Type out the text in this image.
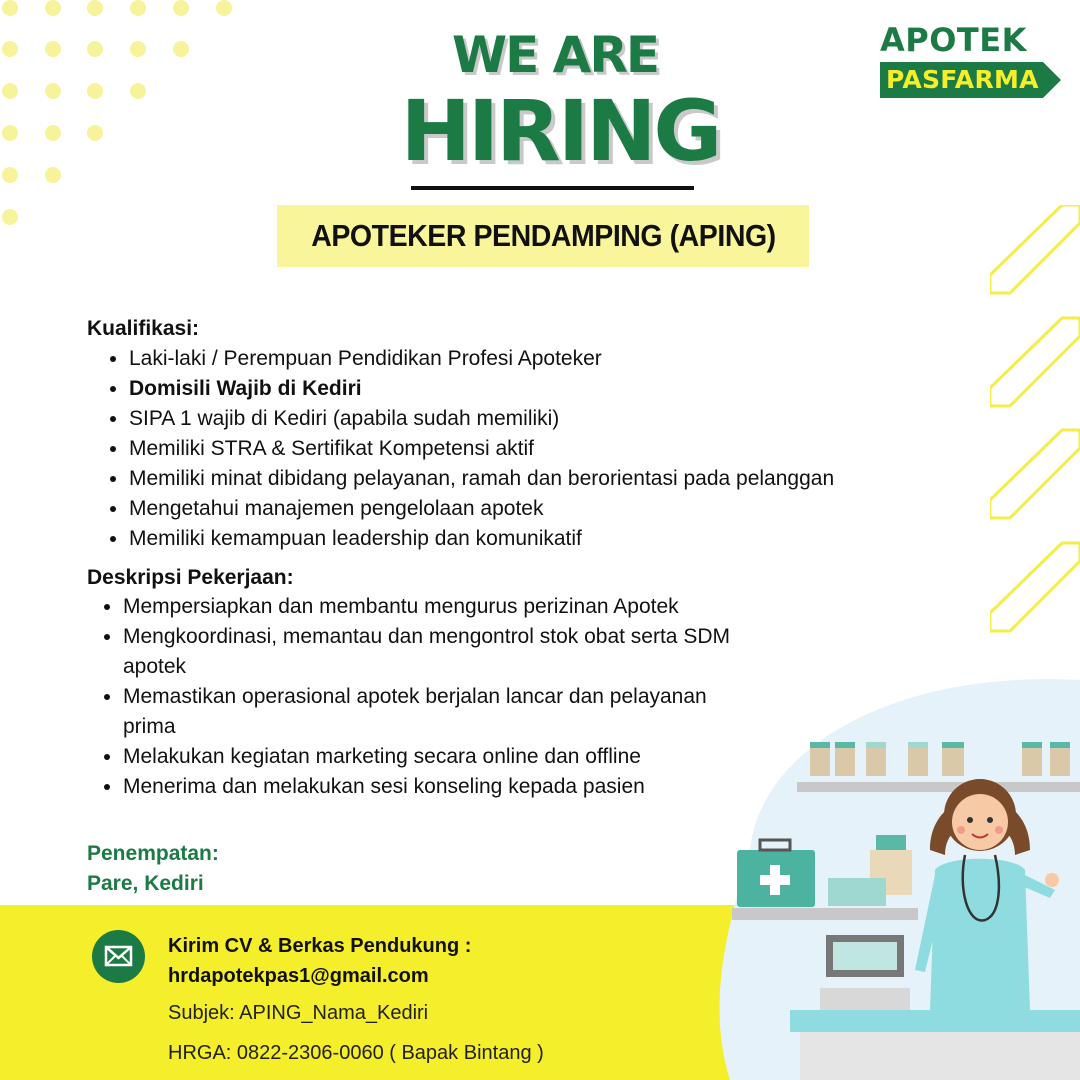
WE ARE
HIRING
APOTEKER PENDAMPING (APING)
APOTEK
PASFARMA
Kualifikasi:
• Laki-laki / Perempuan Pendidikan Profesi Apoteker
• Domisili Wajib di Kediri
• SIPA 1 wajib di Kediri (apabila sudah memiliki)
• Memiliki STRA & Sertifikat Kompetensi aktif
• Memiliki minat dibidang pelayanan, ramah dan berorientasi pada pelanggan
• Mengetahui manajemen pengelolaan apotek
• Memiliki kemampuan leadership dan komunikatif
Deskripsi Pekerjaan:
• Mempersiapkan dan membantu mengurus perizinan Apotek
• Mengkoordinasi, memantau dan mengontrol stok obat serta SDM apotek
• Memastikan operasional apotek berjalan lancar dan pelayanan prima
• Melakukan kegiatan marketing secara online dan offline
• Menerima dan melakukan sesi konseling kepada pasien
Penempatan:
Pare, Kediri
Kirim CV & Berkas Pendukung :
hrdapotekpas1@gmail.com
Subjek: APING_Nama_Kediri
HRGA: 0822-2306-0060 ( Bapak Bintang )
